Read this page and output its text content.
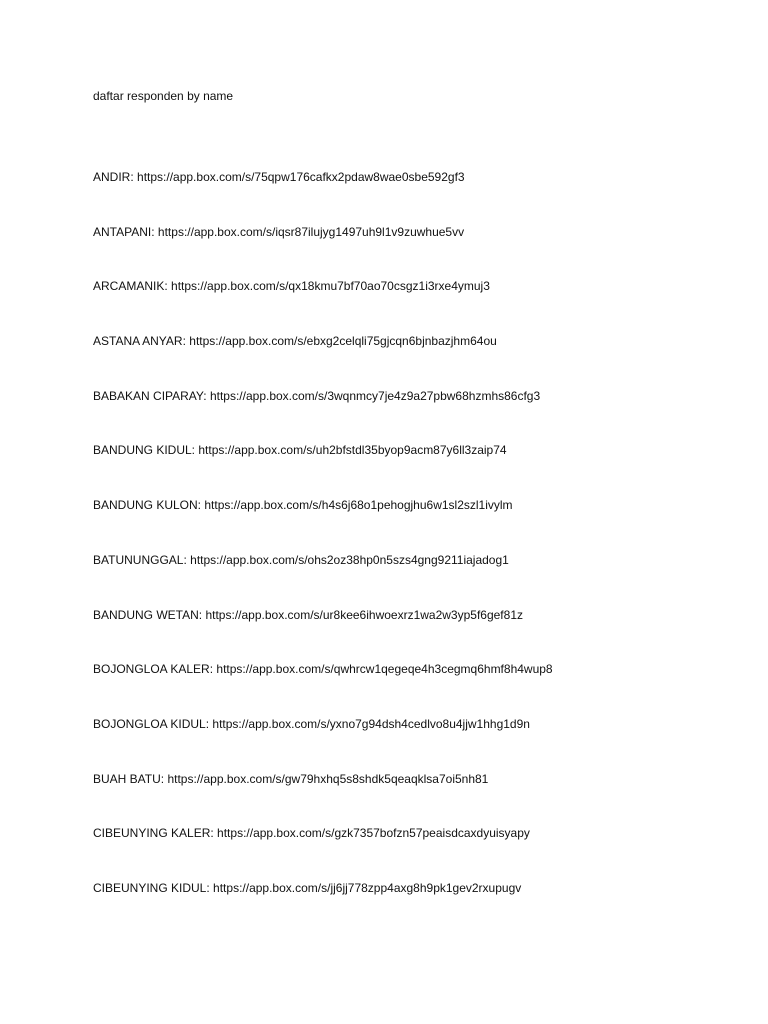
daftar responden by name
ANDIR: https://app.box.com/s/75qpw176cafkx2pdaw8wae0sbe592gf3
ANTAPANI: https://app.box.com/s/iqsr87ilujyg1497uh9l1v9zuwhue5vv
ARCAMANIK: https://app.box.com/s/qx18kmu7bf70ao70csgz1i3rxe4ymuj3
ASTANA ANYAR: https://app.box.com/s/ebxg2celqli75gjcqn6bjnbazjhm64ou
BABAKAN CIPARAY: https://app.box.com/s/3wqnmcy7je4z9a27pbw68hzmhs86cfg3
BANDUNG KIDUL: https://app.box.com/s/uh2bfstdl35byop9acm87y6ll3zaip74
BANDUNG KULON: https://app.box.com/s/h4s6j68o1pehogjhu6w1sl2szl1ivylm
BATUNUNGGAL: https://app.box.com/s/ohs2oz38hp0n5szs4gng9211iajadog1
BANDUNG WETAN: https://app.box.com/s/ur8kee6ihwoexrz1wa2w3yp5f6gef81z
BOJONGLOA KALER: https://app.box.com/s/qwhrcw1qegeqe4h3cegmq6hmf8h4wup8
BOJONGLOA KIDUL: https://app.box.com/s/yxno7g94dsh4cedlvo8u4jjw1hhg1d9n
BUAH BATU: https://app.box.com/s/gw79hxhq5s8shdk5qeaqklsa7oi5nh81
CIBEUNYING KALER: https://app.box.com/s/gzk7357bofzn57peaisdcaxdyuisyapy
CIBEUNYING KIDUL: https://app.box.com/s/jj6jj778zpp4axg8h9pk1gev2rxupugv
